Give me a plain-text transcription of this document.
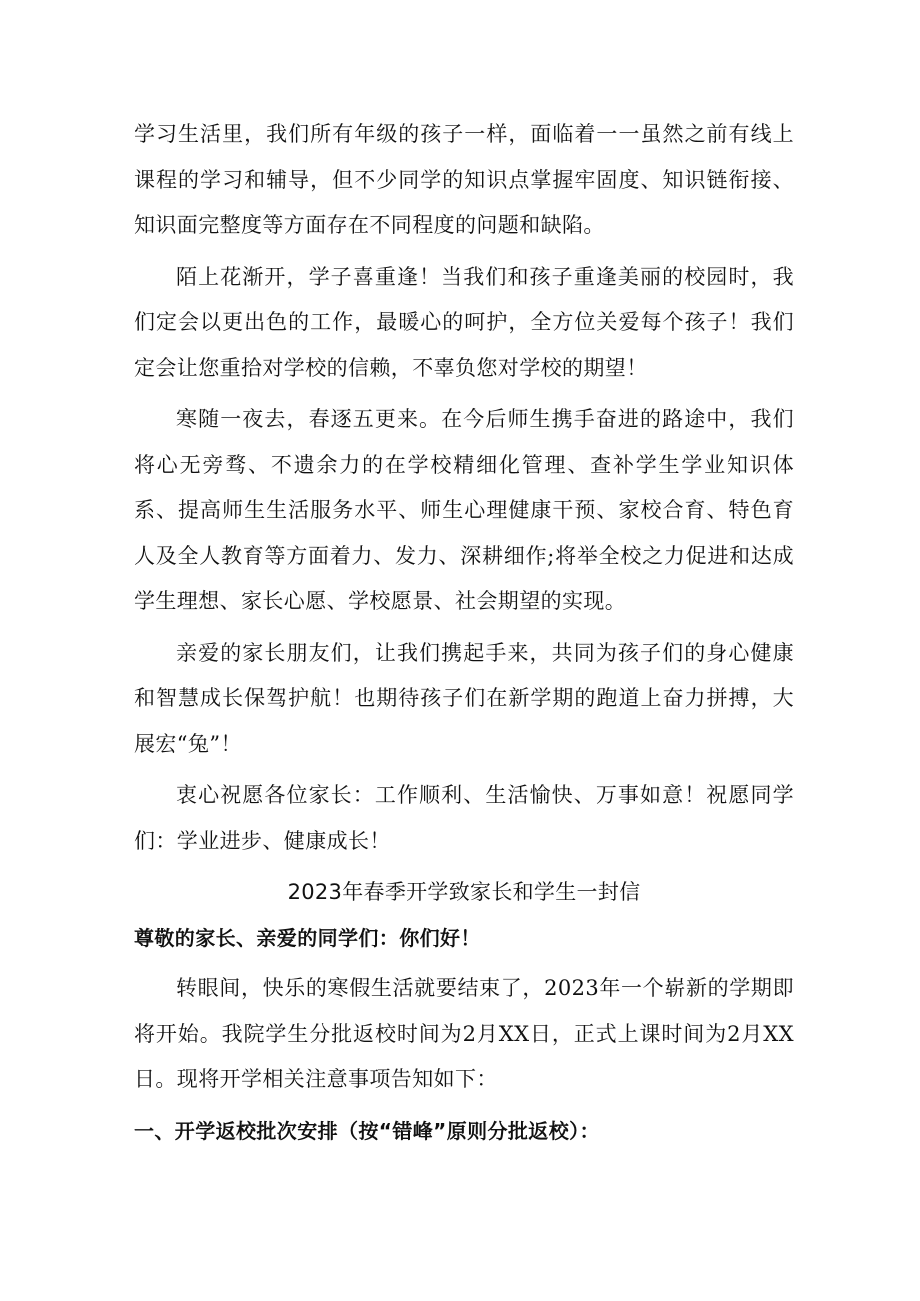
学习生活里，我们所有年级的孩子一样，面临着一一虽然之前有线上课程的学习和辅导，但不少同学的知识点掌握牢固度、知识链衔接、知识面完整度等方面存在不同程度的问题和缺陷。

陌上花渐开，学子喜重逢！当我们和孩子重逢美丽的校园时，我们定会以更出色的工作，最暖心的呵护，全方位关爱每个孩子！我们定会让您重拾对学校的信赖，不辜负您对学校的期望！

寒随一夜去，春逐五更来。在今后师生携手奋进的路途中，我们将心无旁骛、不遗余力的在学校精细化管理、查补学生学业知识体系、提高师生生活服务水平、师生心理健康干预、家校合育、特色育人及全人教育等方面着力、发力、深耕细作;将举全校之力促进和达成学生理想、家长心愿、学校愿景、社会期望的实现。

亲爱的家长朋友们，让我们携起手来，共同为孩子们的身心健康和智慧成长保驾护航！也期待孩子们在新学期的跑道上奋力拼搏，大展宏“兔”！

衷心祝愿各位家长：工作顺利、生活愉快、万事如意！祝愿同学们：学业进步、健康成长！

2023年春季开学致家长和学生一封信
尊敬的家长、亲爱的同学们：你们好！

转眼间，快乐的寒假生活就要结束了，2023年一个崭新的学期即将开始。我院学生分批返校时间为2月XX日，正式上课时间为2月XX日。现将开学相关注意事项告知如下：

一、开学返校批次安排（按“错峰”原则分批返校）：
